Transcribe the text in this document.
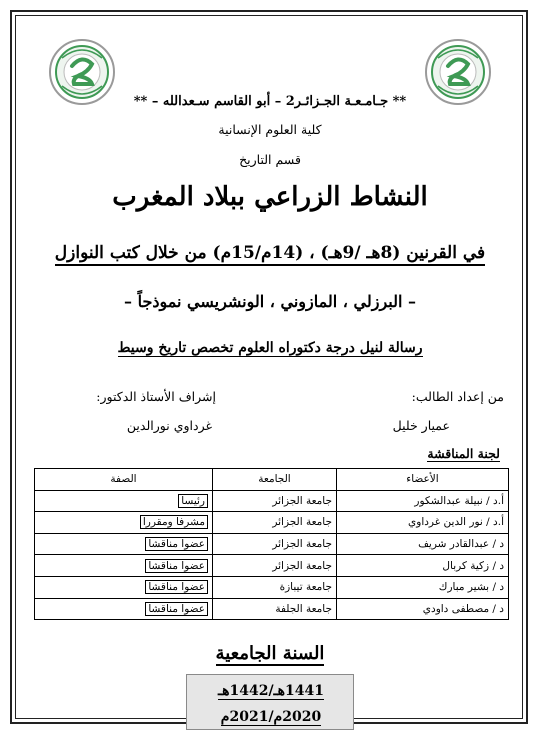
** جـامـعـة الجـزائـر2 – أبو القاسم سـعدالله – **
كلية العلوم الإنسانية
قسم التاريخ
النشاط الزراعي ببلاد المغرب
في القرنين (8هـ /9هـ) ، (14م/15م) من خلال كتب النوازل
– البرزلي ، المازوني ، الونشريسي نموذجاً –
رسالة لنيل درجة دكتوراه العلوم تخصص تاريخ وسيط
من إعداد الطالب:
إشراف الأستاذ الدكتور:
عميار خليل
غرداوي نورالدين
لجنة المناقشة
الأعضاء	الجامعة	الصفة
أ.د / نبيلة عبدالشكور	جامعة الجزائر	رئيسا
أ.د / نور الدين غرداوي	جامعة الجزائر	مشرفا ومقررا
د / عبدالقادر شريف	جامعة الجزائر	عضوا مناقشا
د / زكية كربال	جامعة الجزائر	عضوا مناقشا
د / بشير مبارك	جامعة تيبازة	عضوا مناقشا
د / مصطفى داودي	جامعة الجلفة	عضوا مناقشا
السنة الجامعية
1441هـ/1442هـ
2020م/2021م
